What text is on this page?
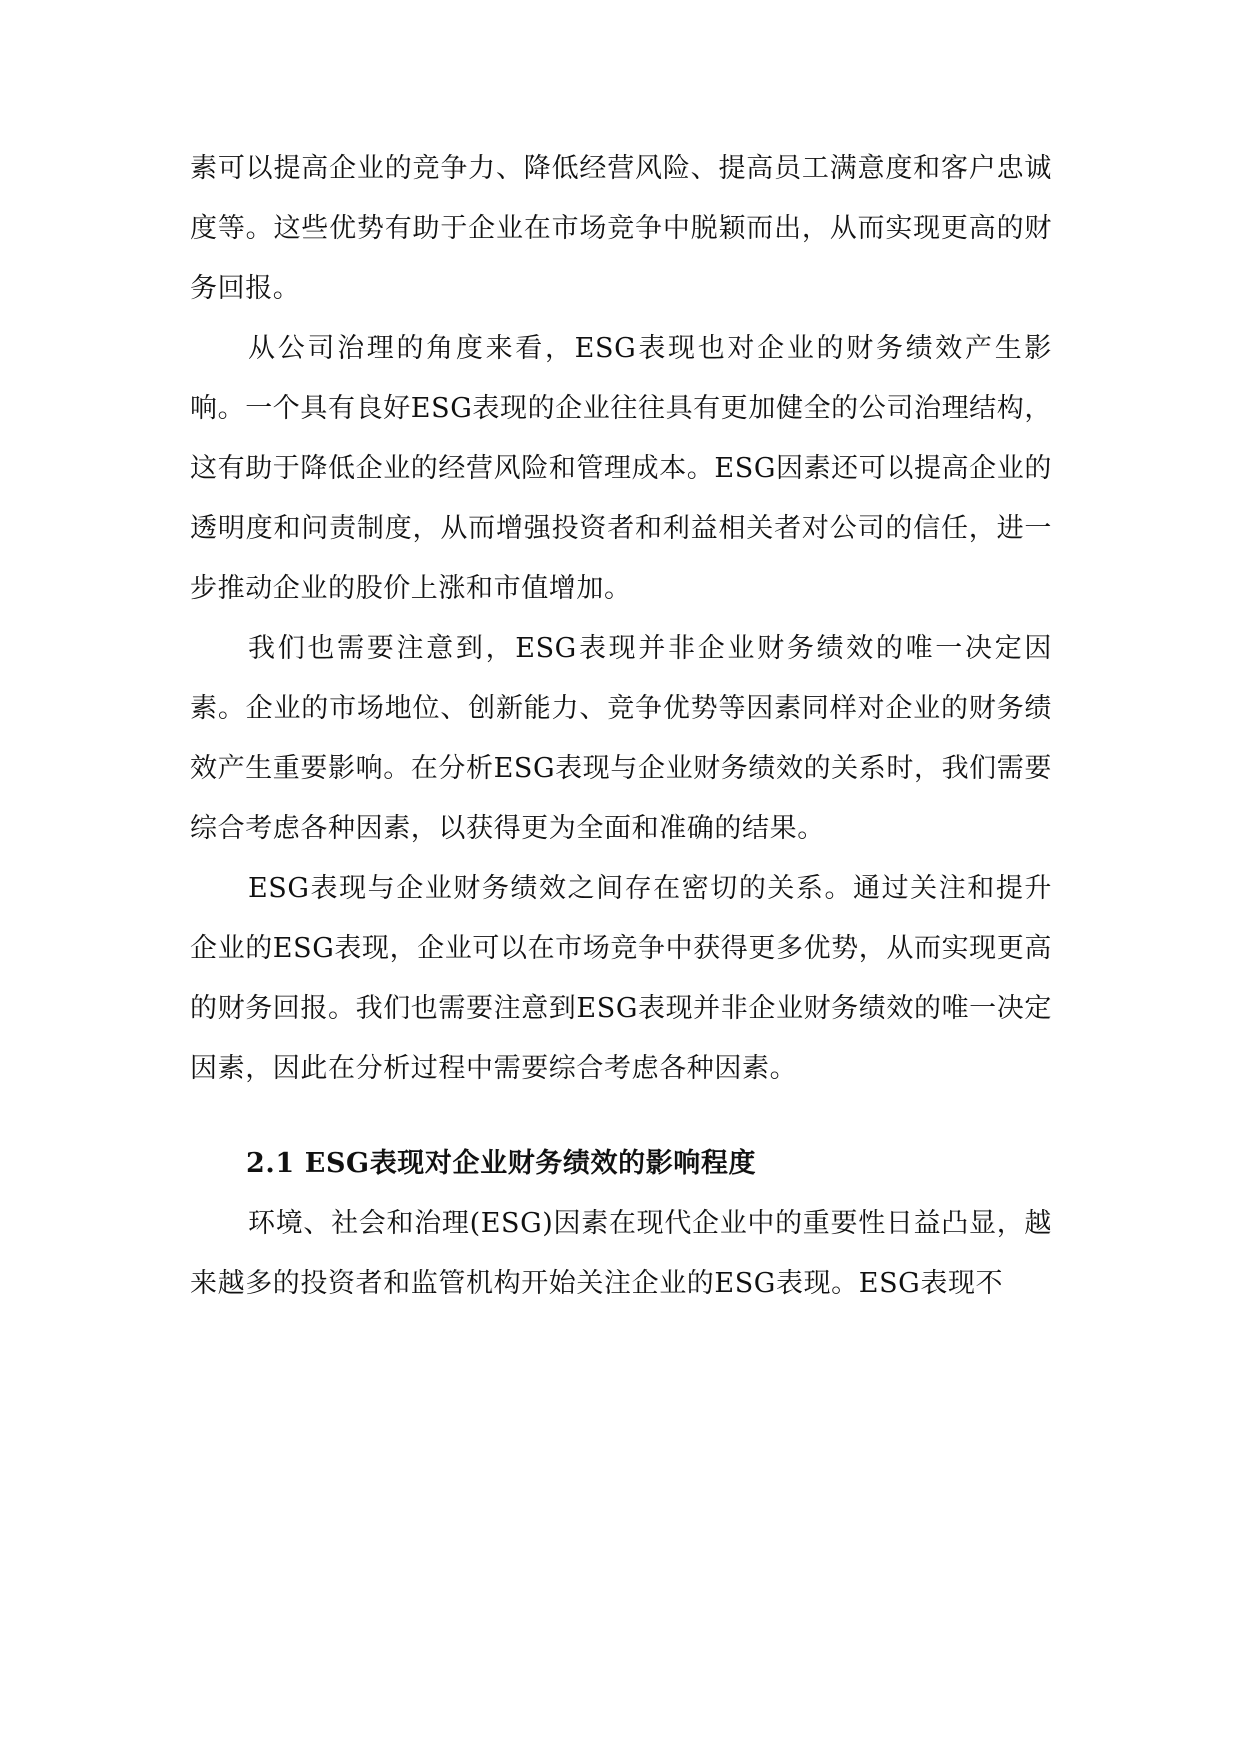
素可以提高企业的竞争力、降低经营风险、提高员工满意度和客户忠诚度等。这些优势有助于企业在市场竞争中脱颖而出，从而实现更高的财务回报。

从公司治理的角度来看，ESG表现也对企业的财务绩效产生影响。一个具有良好ESG表现的企业往往具有更加健全的公司治理结构，这有助于降低企业的经营风险和管理成本。ESG因素还可以提高企业的透明度和问责制度，从而增强投资者和利益相关者对公司的信任，进一步推动企业的股价上涨和市值增加。

我们也需要注意到，ESG表现并非企业财务绩效的唯一决定因素。企业的市场地位、创新能力、竞争优势等因素同样对企业的财务绩效产生重要影响。在分析ESG表现与企业财务绩效的关系时，我们需要综合考虑各种因素，以获得更为全面和准确的结果。

ESG表现与企业财务绩效之间存在密切的关系。通过关注和提升企业的ESG表现，企业可以在市场竞争中获得更多优势，从而实现更高的财务回报。我们也需要注意到ESG表现并非企业财务绩效的唯一决定因素，因此在分析过程中需要综合考虑各种因素。

2.1 ESG表现对企业财务绩效的影响程度

环境、社会和治理(ESG)因素在现代企业中的重要性日益凸显，越来越多的投资者和监管机构开始关注企业的ESG表现。ESG表现不
